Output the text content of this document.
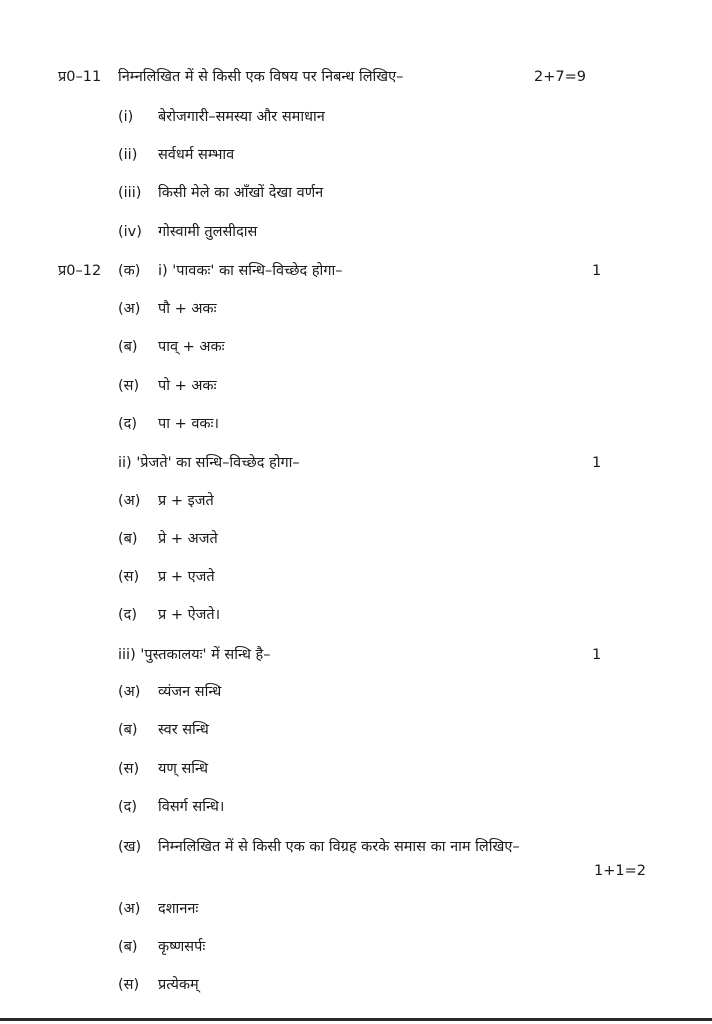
प्र0–11 निम्नलिखित में से किसी एक विषय पर निबन्ध लिखिए–	2+7=9
(i) बेरोजगारी–समस्या और समाधान
(ii) सर्वधर्म सम्भाव
(iii) किसी मेले का आँखों देखा वर्णन
(iv) गोस्वामी तुलसीदास
प्र0–12 (क) i) 'पावकः' का सन्धि–विच्छेद होगा–	1
(अ) पौ + अकः
(ब) पाव् + अकः
(स) पो + अकः
(द) पा + वकः।
ii) 'प्रेजते' का सन्धि–विच्छेद होगा–	1
(अ) प्र + इजते
(ब) प्रे + अजते
(स) प्र + एजते
(द) प्र + ऐजते।
iii) 'पुस्तकालयः' में सन्धि है–	1
(अ) व्यंजन सन्धि
(ब) स्वर सन्धि
(स) यण् सन्धि
(द) विसर्ग सन्धि।
(ख) निम्नलिखित में से किसी एक का विग्रह करके समास का नाम लिखिए–
1+1=2
(अ) दशाननः
(ब) कृष्णसर्पः
(स) प्रत्येकम्
